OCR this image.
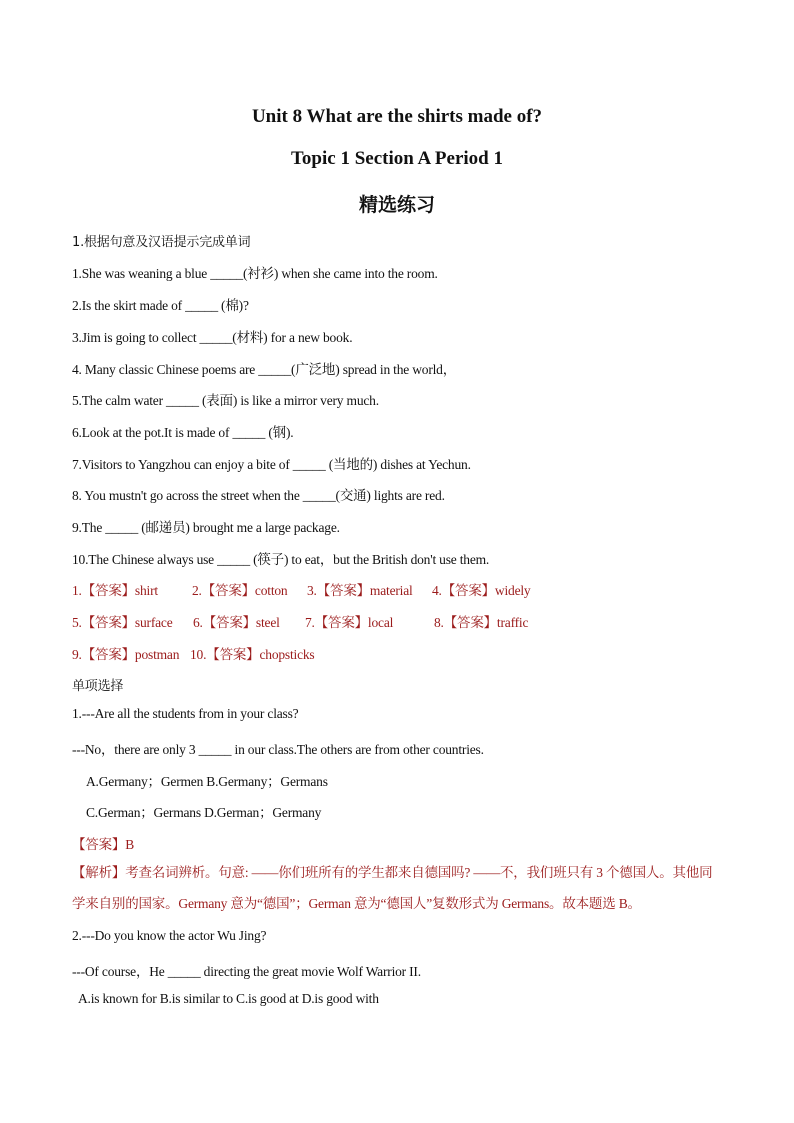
Unit 8 What are the shirts made of?
Topic 1 Section A Period 1
精选练习
1.根据句意及汉语提示完成单词
1.She was weaning a blue _____(衬衫) when she came into the room.
2.Is the skirt made of _____ (棉)?
3.Jim is going to collect _____(材料) for a new book.
4. Many classic Chinese poems are _____(广泛地) spread in the world，
5.The calm water _____ (表面) is like a mirror very much.
6.Look at the pot.It is made of _____ (钢).
7.Visitors to Yangzhou can enjoy a bite of _____ (当地的) dishes at Yechun.
8. You mustn't go across the street when the _____(交通) lights are red.
9.The _____ (邮递员) brought me a large package.
10.The Chinese always use _____ (筷子) to eat，but the British don't use them.
1.【答案】shirt	2.【答案】cotton 3.【答案】material 4.【答案】widely
5.【答案】surface 6.【答案】steel 7.【答案】local	8.【答案】traffic
9.【答案】postman 10.【答案】chopsticks
单项选择
1.---Are all the students from in your class?
---No，there are only 3 _____ in our class.The others are from other countries.
A.Germany；Germen B.Germany；Germans
C.German；Germans D.German；Germany
【答案】B
【解析】考查名词辨析。句意: ——你们班所有的学生都来自德国吗? ——不，我们班只有 3 个德国人。其他同学来自别的国家。Germany 意为“德国”；German 意为“德国人”复数形式为 Germans。故本题选 B。
2.---Do you know the actor Wu Jing?
---Of course，He _____ directing the great movie Wolf Warrior II.
A.is known for B.is similar to C.is good at D.is good with
